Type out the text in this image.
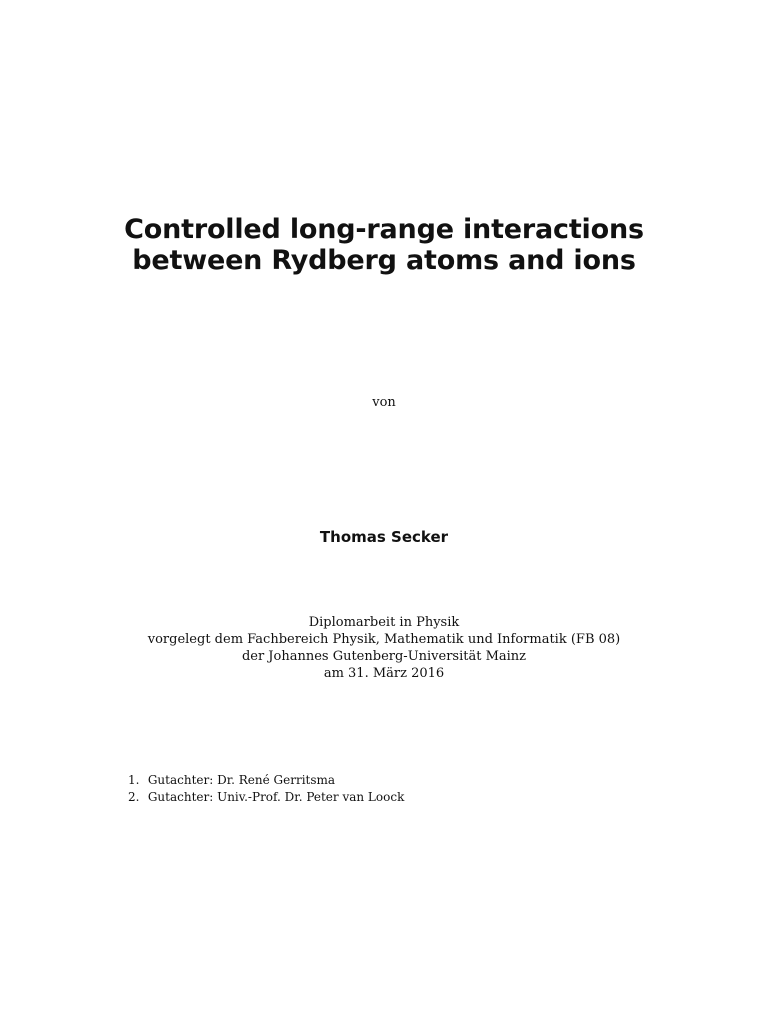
Controlled long-range interactions
between Rydberg atoms and ions
von
Thomas Secker
Diplomarbeit in Physik
vorgelegt dem Fachbereich Physik, Mathematik und Informatik (FB 08)
der Johannes Gutenberg-Universität Mainz
am 31. März 2016
1. Gutachter: Dr. René Gerritsma
2. Gutachter: Univ.-Prof. Dr. Peter van Loock
